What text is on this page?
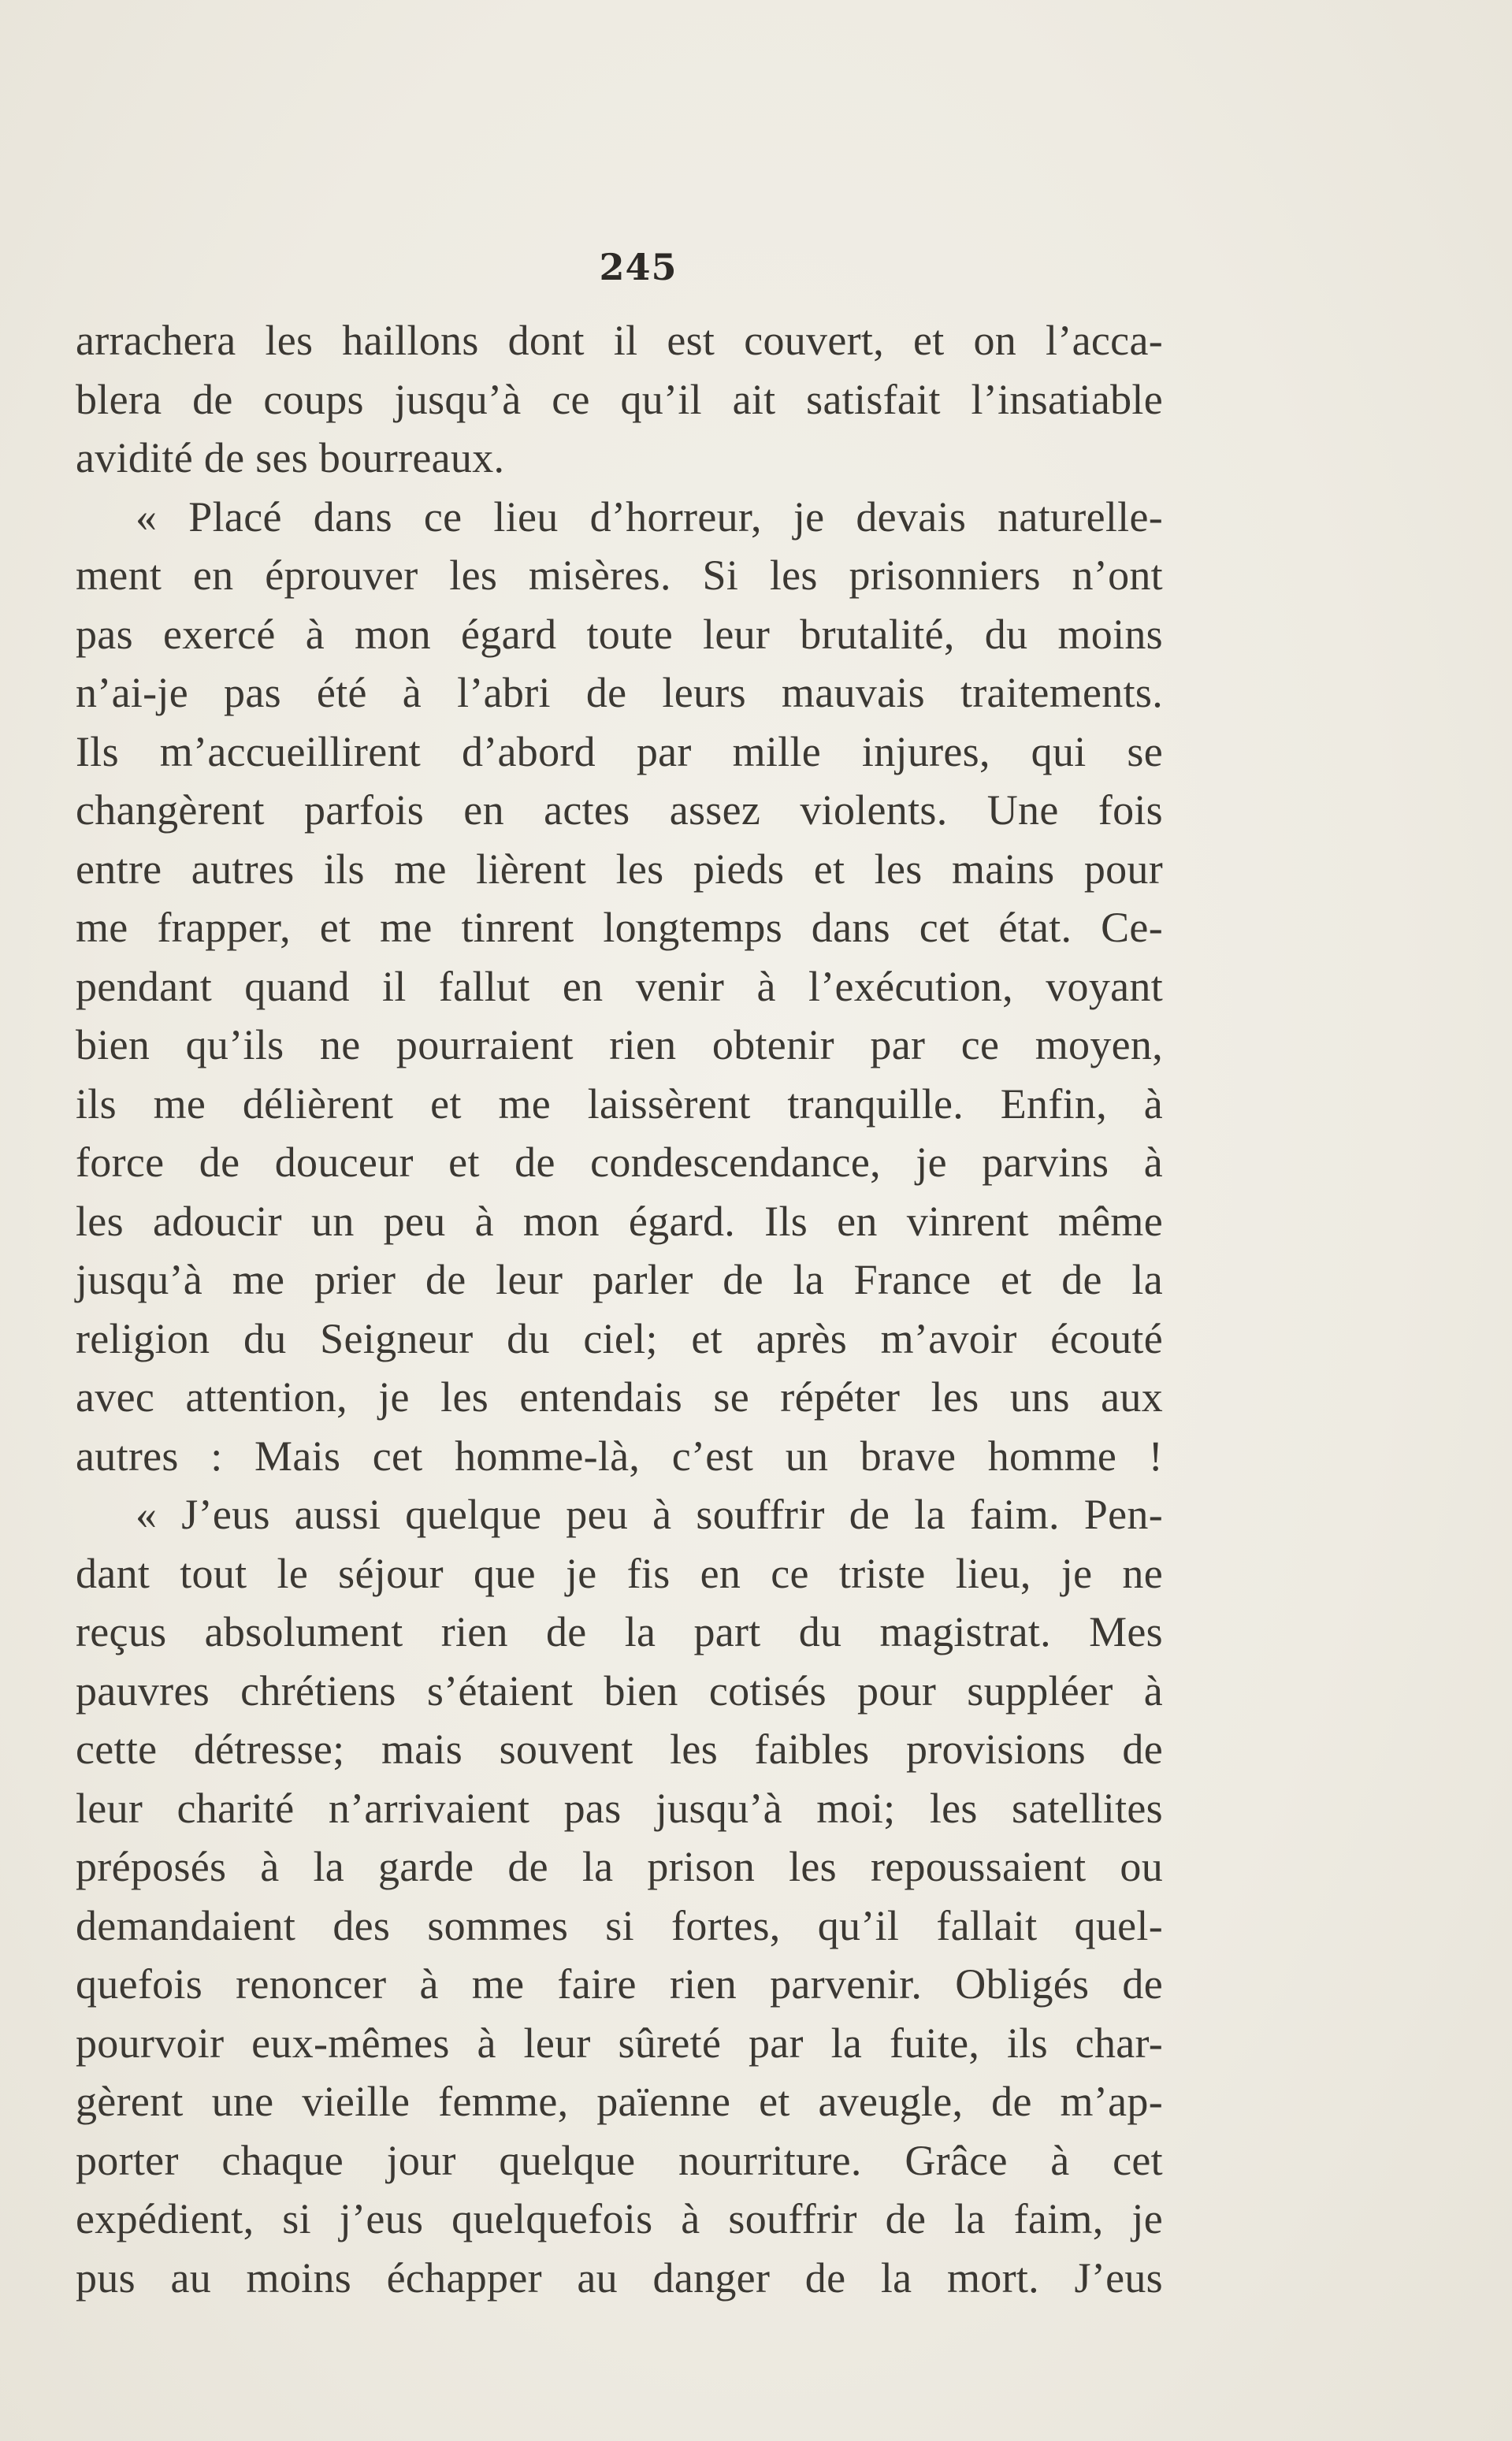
245
arrachera les haillons dont il est couvert, et on l’acca-
blera de coups jusqu’à ce qu’il ait satisfait l’insatiable
avidité de ses bourreaux.
« Placé dans ce lieu d’horreur, je devais naturelle-
ment en éprouver les misères. Si les prisonniers n’ont
pas exercé à mon égard toute leur brutalité, du moins
n’ai-je pas été à l’abri de leurs mauvais traitements.
Ils m’accueillirent d’abord par mille injures, qui se
changèrent parfois en actes assez violents. Une fois
entre autres ils me lièrent les pieds et les mains pour
me frapper, et me tinrent longtemps dans cet état. Ce-
pendant quand il fallut en venir à l’exécution, voyant
bien qu’ils ne pourraient rien obtenir par ce moyen,
ils me délièrent et me laissèrent tranquille. Enfin, à
force de douceur et de condescendance, je parvins à
les adoucir un peu à mon égard. Ils en vinrent même
jusqu’à me prier de leur parler de la France et de la
religion du Seigneur du ciel; et après m’avoir écouté
avec attention, je les entendais se répéter les uns aux
autres : Mais cet homme-là, c’est un brave homme !
« J’eus aussi quelque peu à souffrir de la faim. Pen-
dant tout le séjour que je fis en ce triste lieu, je ne
reçus absolument rien de la part du magistrat. Mes
pauvres chrétiens s’étaient bien cotisés pour suppléer à
cette détresse; mais souvent les faibles provisions de
leur charité n’arrivaient pas jusqu’à moi; les satellites
préposés à la garde de la prison les repoussaient ou
demandaient des sommes si fortes, qu’il fallait quel-
quefois renoncer à me faire rien parvenir. Obligés de
pourvoir eux-mêmes à leur sûreté par la fuite, ils char-
gèrent une vieille femme, païenne et aveugle, de m’ap-
porter chaque jour quelque nourriture. Grâce à cet
expédient, si j’eus quelquefois à souffrir de la faim, je
pus au moins échapper au danger de la mort. J’eus
